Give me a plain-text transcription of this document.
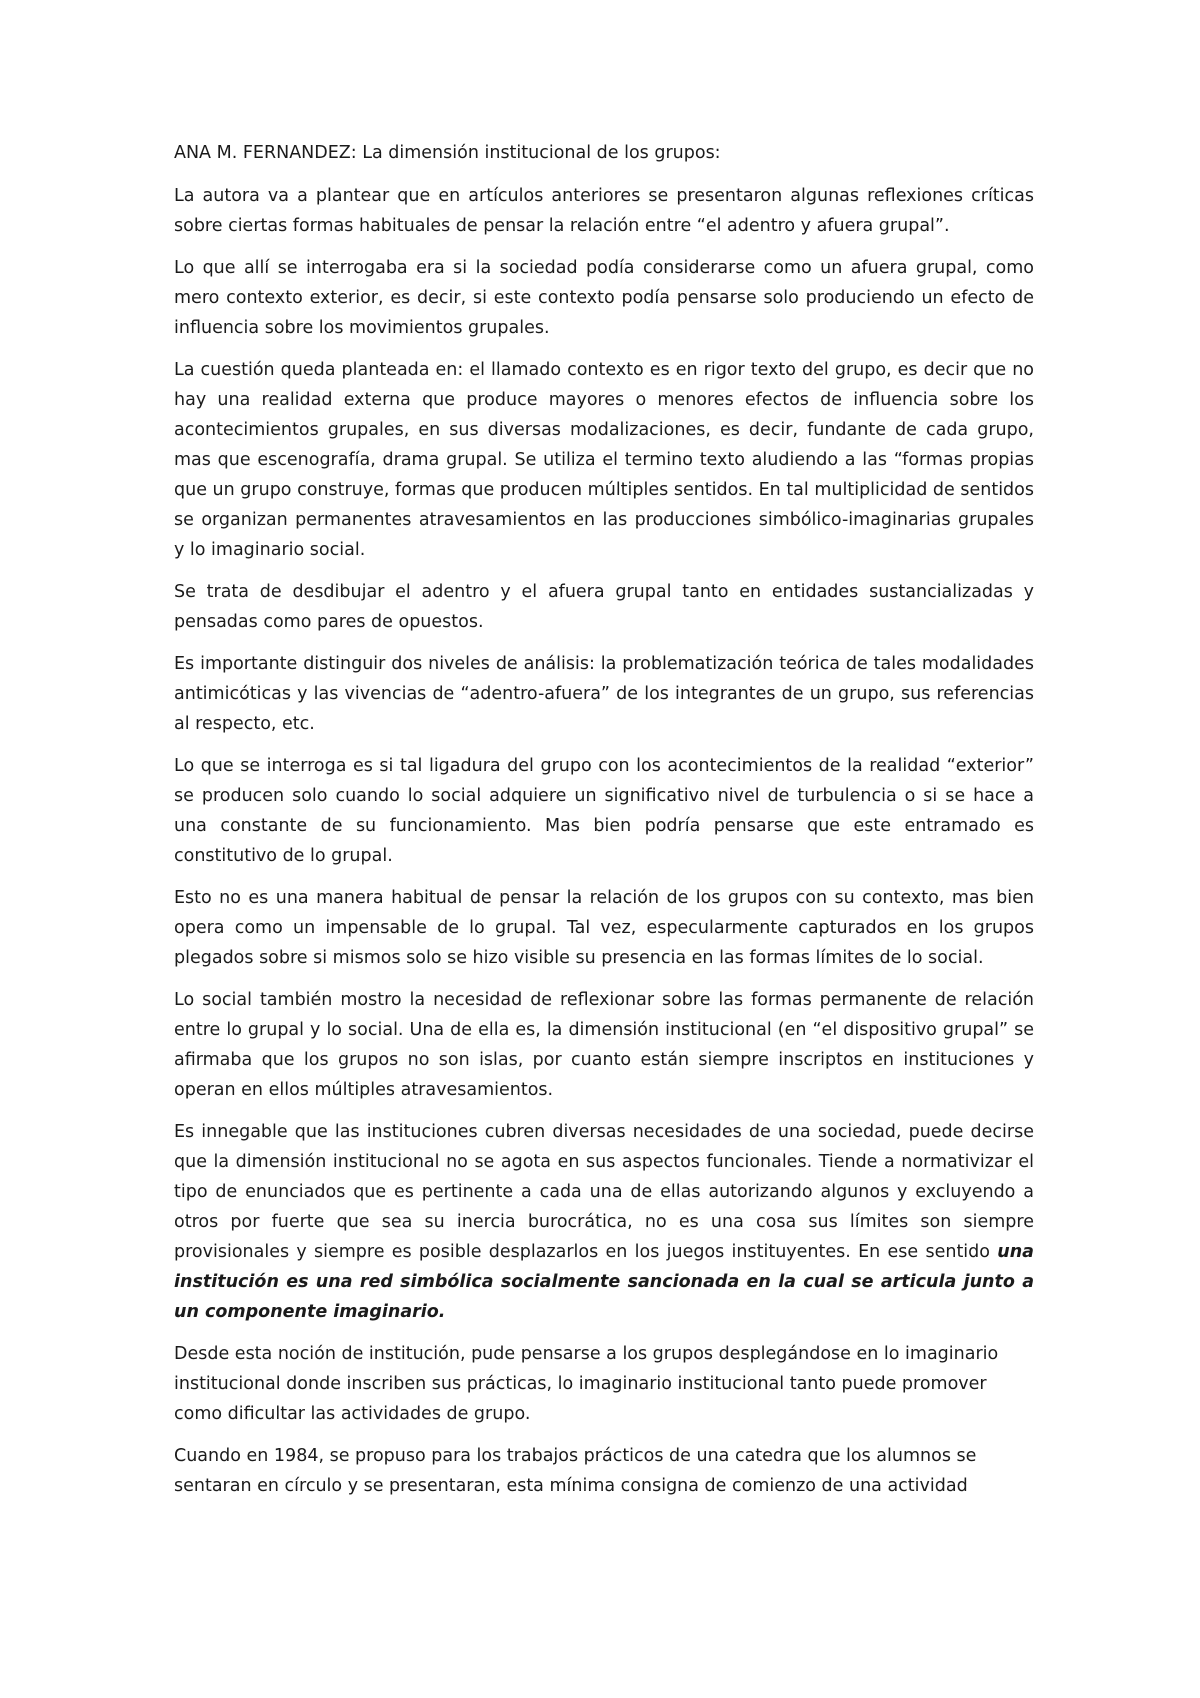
ANA M. FERNANDEZ: La dimensión institucional de los grupos:

La autora va a plantear que en artículos anteriores se presentaron algunas reflexiones críticas sobre ciertas formas habituales de pensar la relación entre “el adentro y afuera grupal”.

Lo que allí se interrogaba era si la sociedad podía considerarse como un afuera grupal, como mero contexto exterior, es decir, si este contexto podía pensarse solo produciendo un efecto de influencia sobre los movimientos grupales.

La cuestión queda planteada en: el llamado contexto es en rigor texto del grupo, es decir que no hay una realidad externa que produce mayores o menores efectos de influencia sobre los acontecimientos grupales, en sus diversas modalizaciones, es decir, fundante de cada grupo, mas que escenografía, drama grupal. Se utiliza el termino texto aludiendo a las “formas propias que un grupo construye, formas que producen múltiples sentidos. En tal multiplicidad de sentidos se organizan permanentes atravesamientos en las producciones simbólico-imaginarias grupales y lo imaginario social.

Se trata de desdibujar el adentro y el afuera grupal tanto en entidades sustancializadas y pensadas como pares de opuestos.

Es importante distinguir dos niveles de análisis: la problematización teórica de tales modalidades antimicóticas y las vivencias de “adentro-afuera” de los integrantes de un grupo, sus referencias al respecto, etc.

Lo que se interroga es si tal ligadura del grupo con los acontecimientos de la realidad “exterior” se producen solo cuando lo social adquiere un significativo nivel de turbulencia o si se hace a una constante de su funcionamiento. Mas bien podría pensarse que este entramado es constitutivo de lo grupal.

Esto no es una manera habitual de pensar la relación de los grupos con su contexto, mas bien opera como un impensable de lo grupal. Tal vez, especularmente capturados en los grupos plegados sobre si mismos solo se hizo visible su presencia en las formas límites de lo social.

Lo social también mostro la necesidad de reflexionar sobre las formas permanente de relación entre lo grupal y lo social. Una de ella es, la dimensión institucional (en “el dispositivo grupal” se afirmaba que los grupos no son islas, por cuanto están siempre inscriptos en instituciones y operan en ellos múltiples atravesamientos.

Es innegable que las instituciones cubren diversas necesidades de una sociedad, puede decirse que la dimensión institucional no se agota en sus aspectos funcionales. Tiende a normativizar el tipo de enunciados que es pertinente a cada una de ellas autorizando algunos y excluyendo a otros por fuerte que sea su inercia burocrática, no es una cosa sus límites son siempre provisionales y siempre es posible desplazarlos en los juegos instituyentes. En ese sentido una institución es una red simbólica socialmente sancionada en la cual se articula junto a un componente imaginario.

Desde esta noción de institución, pude pensarse a los grupos desplegándose en lo imaginario institucional donde inscriben sus prácticas, lo imaginario institucional tanto puede promover como dificultar las actividades de grupo.

Cuando en 1984, se propuso para los trabajos prácticos de una catedra que los alumnos se sentaran en círculo y se presentaran, esta mínima consigna de comienzo de una actividad
